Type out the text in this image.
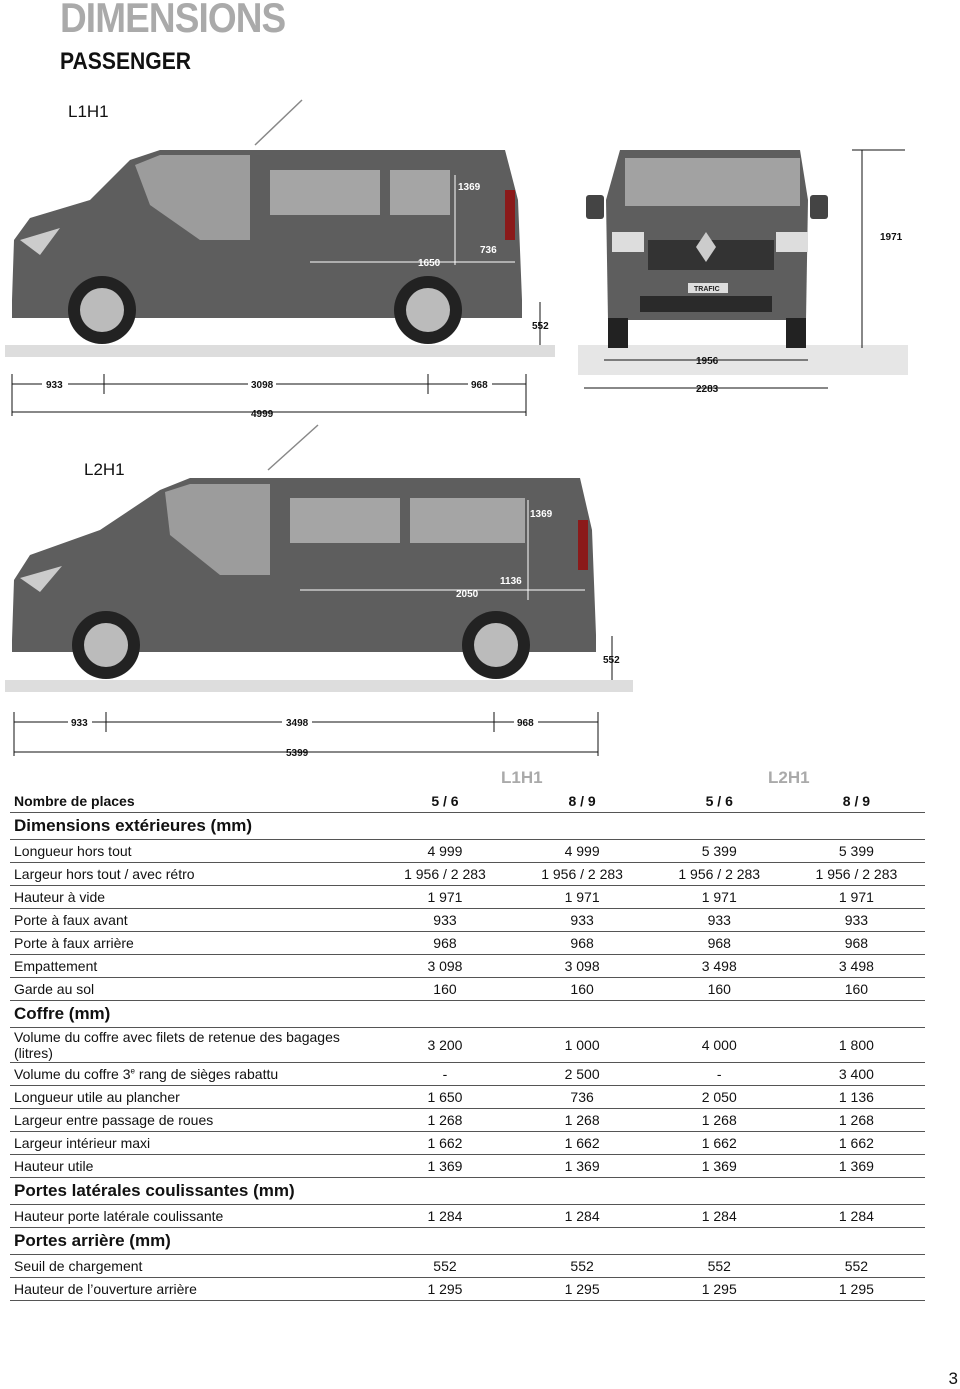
DIMENSIONS
PASSENGER
L1H1
1369
1650
736
552
933	3098	968
4999
TRAFIC
1971
1956
2283
L2H1
1369
2050
1136
552
933	3498	968
5399
L1H1	L2H1
Nombre de places	5 / 6	8 / 9	5 / 6	8 / 9
Dimensions extérieures (mm)				
Longueur hors tout	4 999	4 999	5 399	5 399
Largeur hors tout / avec rétro	1 956 / 2 283	1 956 / 2 283	1 956 / 2 283	1 956 / 2 283
Hauteur à vide	1 971	1 971	1 971	1 971
Porte à faux avant	933	933	933	933
Porte à faux arrière	968	968	968	968
Empattement	3 098	3 098	3 498	3 498
Garde au sol	160	160	160	160
Coffre (mm)				
Volume du coffre avec filets de retenue des bagages (litres)	3 200	1 000	4 000	1 800
Volume du coffre 3e rang de sièges rabattu	-	2 500	-	3 400
Longueur utile au plancher	1 650	736	2 050	1 136
Largeur entre passage de roues	1 268	1 268	1 268	1 268
Largeur intérieur maxi	1 662	1 662	1 662	1 662
Hauteur utile	1 369	1 369	1 369	1 369
Portes latérales coulissantes (mm)				
Hauteur porte latérale coulissante	1 284	1 284	1 284	1 284
Portes arrière (mm)				
Seuil de chargement	552	552	552	552
Hauteur de l’ouverture arrière	1 295	1 295	1 295	1 295
3
